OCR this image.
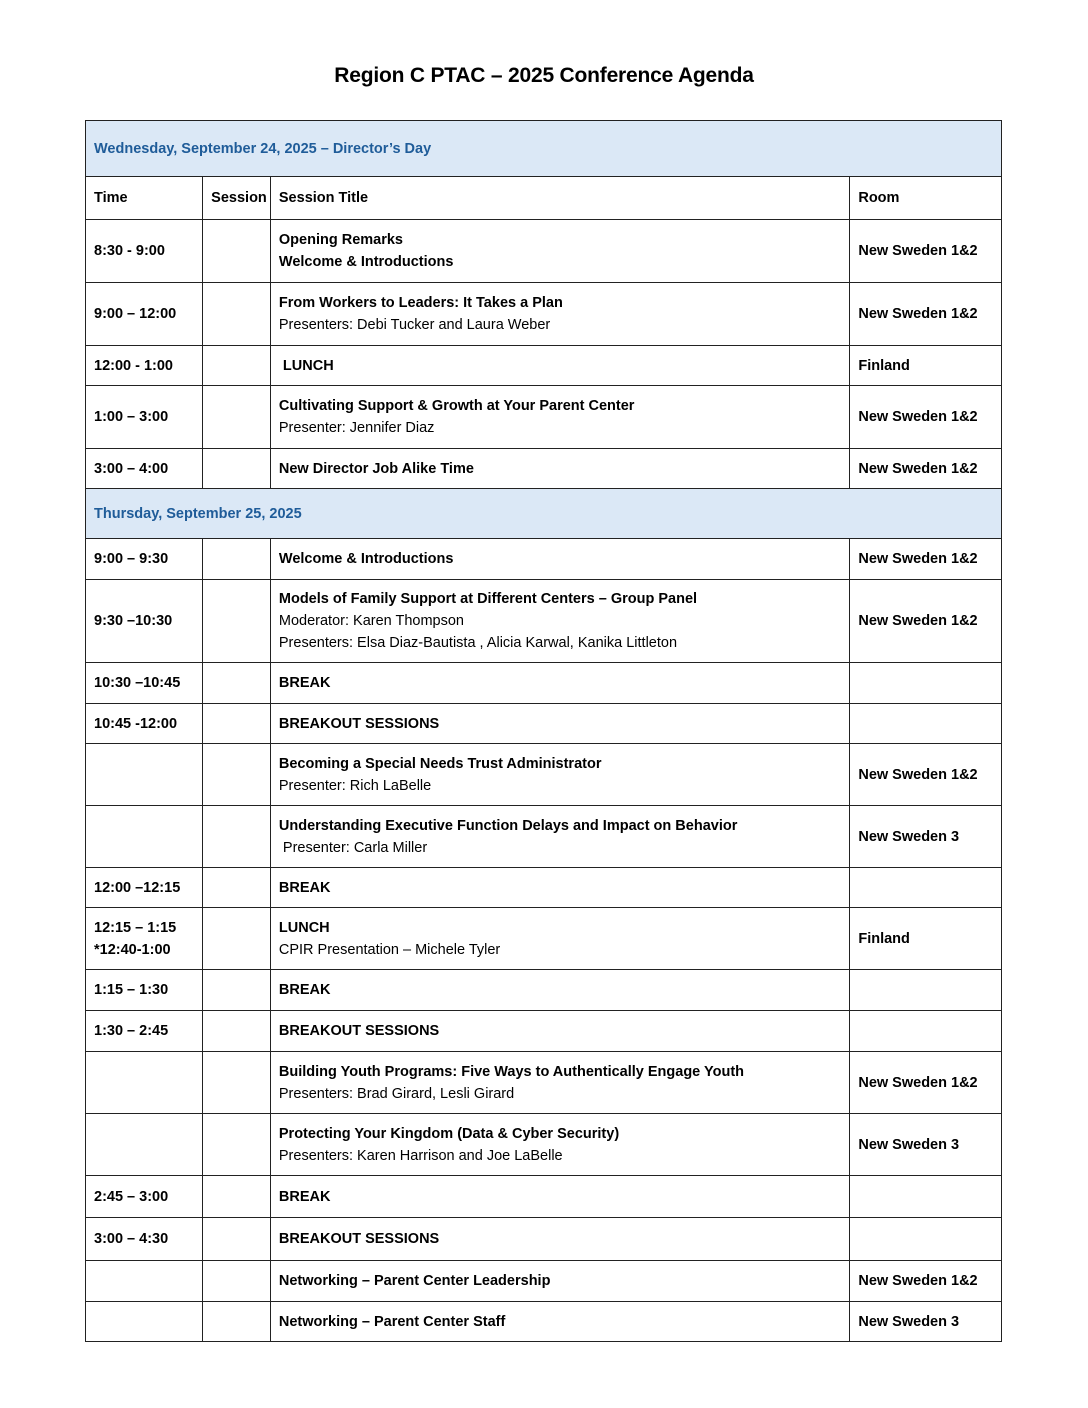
Region C PTAC – 2025 Conference Agenda
Wednesday, September 24, 2025 – Director’s Day			
Time	Session	Session Title	Room

8:30 - 9:00		Opening Remarks
Welcome & Introductions	New Sweden 1&2

9:00 – 12:00		From Workers to Leaders: It Takes a Plan
Presenters: Debi Tucker and Laura Weber	New Sweden 1&2

12:00 - 1:00		LUNCH	Finland

1:00 – 3:00		Cultivating Support & Growth at Your Parent Center
Presenter: Jennifer Diaz	New Sweden 1&2

3:00 – 4:00		New Director Job Alike Time	New Sweden 1&2
Thursday, September 25, 2025			

9:00 – 9:30		Welcome & Introductions	New Sweden 1&2

9:30 –10:30		Models of Family Support at Different Centers – Group Panel
Moderator: Karen Thompson
Presenters: Elsa Diaz-Bautista , Alicia Karwal, Kanika Littleton	New Sweden 1&2

10:30 –10:45		BREAK	

10:45 -12:00		BREAKOUT SESSIONS	

		Becoming a Special Needs Trust Administrator
Presenter: Rich LaBelle	New Sweden 1&2

		Understanding Executive Function Delays and Impact on Behavior
Presenter: Carla Miller	New Sweden 3

12:00 –12:15		BREAK	

12:15 – 1:15
*12:40-1:00		LUNCH
CPIR Presentation – Michele Tyler	Finland

1:15 – 1:30		BREAK	

1:30 – 2:45		BREAKOUT SESSIONS	

		Building Youth Programs: Five Ways to Authentically Engage Youth
Presenters: Brad Girard, Lesli Girard	New Sweden 1&2

		Protecting Your Kingdom (Data & Cyber Security)
Presenters: Karen Harrison and Joe LaBelle	New Sweden 3

2:45 – 3:00		BREAK	

3:00 – 4:30		BREAKOUT SESSIONS	

		Networking – Parent Center Leadership	New Sweden 1&2

		Networking – Parent Center Staff	New Sweden 3
